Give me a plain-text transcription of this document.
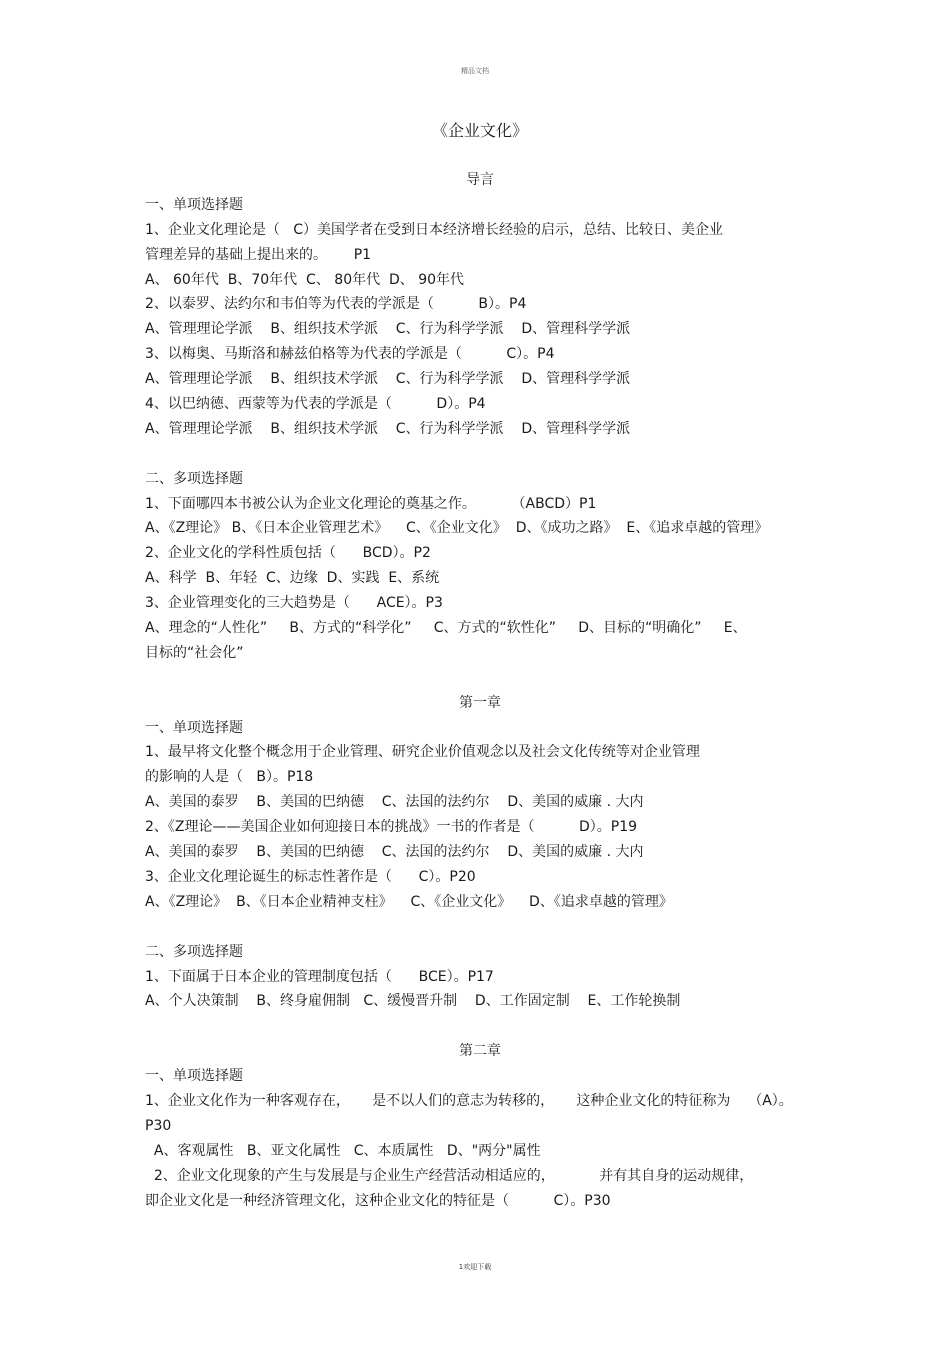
精品文档
《企业文化》
导言
一、单项选择题
1、企业文化理论是（   C）美国学者在受到日本经济增长经验的启示，总结、比较日、美企业
管理差异的基础上提出来的。      P1
A、 60年代  B、70年代  C、 80年代  D、 90年代
2、以泰罗、法约尔和韦伯等为代表的学派是（          B）。P4
A、管理理论学派    B、组织技术学派    C、行为科学学派    D、管理科学学派
3、以梅奥、马斯洛和赫兹伯格等为代表的学派是（          C）。P4
A、管理理论学派    B、组织技术学派    C、行为科学学派    D、管理科学学派
4、以巴纳德、西蒙等为代表的学派是（          D）。P4
A、管理理论学派    B、组织技术学派    C、行为科学学派    D、管理科学学派
二、多项选择题
1、下面哪四本书被公认为企业文化理论的奠基之作。        （ABCD）P1
A、《Z理论》 B、《日本企业管理艺术》    C、《企业文化》  D、《成功之路》  E、《追求卓越的管理》
2、企业文化的学科性质包括（      BCD）。P2
A、科学  B、年轻  C、边缘  D、实践  E、系统
3、企业管理变化的三大趋势是（      ACE）。P3
A、理念的“人性化”     B、方式的“科学化”     C、方式的“软性化”     D、目标的“明确化”     E、
目标的“社会化”
第一章
一、单项选择题
1、最早将文化整个概念用于企业管理、研究企业价值观念以及社会文化传统等对企业管理
的影响的人是（   B）。P18
A、美国的泰罗    B、美国的巴纳德    C、法国的法约尔    D、美国的威廉 . 大内
2、《Z理论——美国企业如何迎接日本的挑战》一书的作者是（          D）。P19
A、美国的泰罗    B、美国的巴纳德    C、法国的法约尔    D、美国的威廉 . 大内
3、企业文化理论诞生的标志性著作是（      C）。P20
A、《Z理论》  B、《日本企业精神支柱》    C、《企业文化》    D、《追求卓越的管理》
二、多项选择题
1、下面属于日本企业的管理制度包括（      BCE）。P17
A、个人决策制    B、终身雇佣制   C、缓慢晋升制    D、工作固定制    E、工作轮换制
第二章
一、单项选择题
1、企业文化作为一种客观存在，     是不以人们的意志为转移的，     这种企业文化的特征称为    （A）。
P30
A、客观属性   B、亚文化属性   C、本质属性   D、"两分"属性
2、企业文化现象的产生与发展是与企业生产经营活动相适应的，          并有其自身的运动规律，
即企业文化是一种经济管理文化，这种企业文化的特征是（          C）。P30
1欢迎下载
